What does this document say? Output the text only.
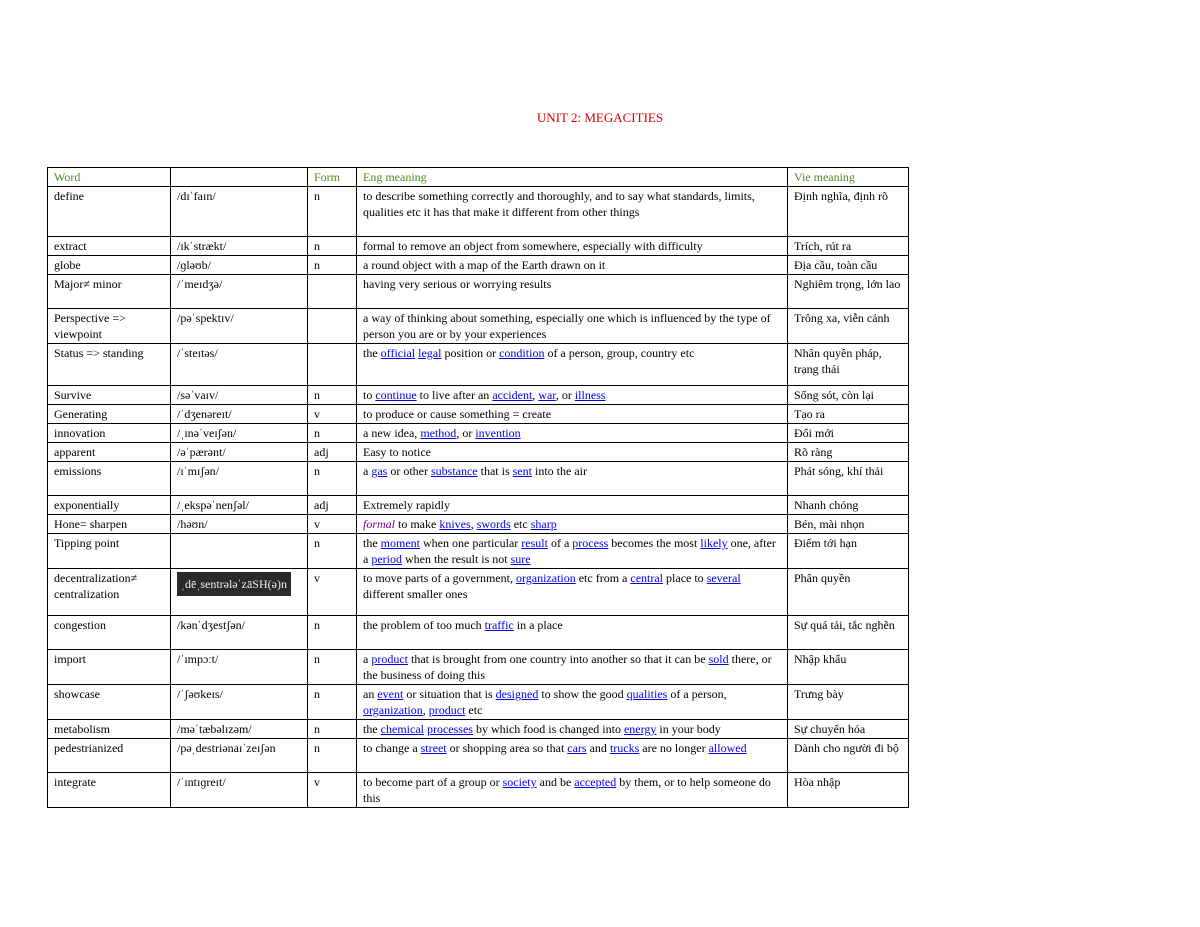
UNIT 2: MEGACITIES
Word		Form	Eng meaning	Vie meaning
define	/dɪˈfaɪn/	n	to describe something correctly and thoroughly, and to say what standards, limits, qualities etc it has that make it different from other things	Định nghĩa, định rõ
extract	/ɪkˈstrækt/	n	formal to remove an object from somewhere, especially with difficulty	Trích, rút ra
globe	/ɡləʊb/	n	a round object with a map of the Earth drawn on it	Địa cầu, toàn cầu
Major≠ minor	/ˈmeɪdʒə/		having very serious or worrying results	Nghiêm trọng, lớn lao
Perspective => viewpoint	/pəˈspektɪv/		a way of thinking about something, especially one which is influenced by the type of person you are or by your experiences	Trông xa, viễn cảnh
Status => standing	/ˈsteɪtəs/		the official legal position or condition of a person, group, country etc	Nhân quyền pháp, trạng thái
Survive	/səˈvaɪv/	n	to continue to live after an accident, war, or illness	Sống sót, còn lại
Generating	/ˈdʒenəreɪt/	v	to produce or cause something = create	Tạo ra
innovation	/ˌɪnəˈveɪʃən/	n	a new idea, method, or invention	Đổi mới
apparent	/əˈpærənt/	adj	Easy to notice	Rõ ràng
emissions	/ɪˈmɪʃən/	n	a gas or other substance that is sent into the air	Phát sóng, khí thải
exponentially	/ˌekspəˈnenʃəl/	adj	Extremely rapidly	Nhanh chóng
Hone= sharpen	/həʊn/	v	formal to make knives, swords etc sharp	Bén, mài nhọn
Tipping point		n	the moment when one particular result of a process becomes the most likely one, after a period when the result is not sure	Điểm tới hạn
decentralization≠ centralization	ˌdēˌsentrələˈzāSH(ə)n	v	to move parts of a government, organization etc from a central place to several different smaller ones	Phân quyền
congestion	/kənˈdʒestʃən/	n	the problem of too much traffic in a place	Sự quá tải, tắc nghẽn
import	/ˈɪmpɔːt/	n	a product that is brought from one country into another so that it can be sold there, or the business of doing this	Nhập khẩu
showcase	/ˈʃəʊkeɪs/	n	an event or situation that is designed to show the good qualities of a person, organization, product etc	Trưng bày
metabolism	/məˈtæbəlɪzəm/	n	the chemical processes by which food is changed into energy in your body	Sự chuyển hóa
pedestrianized	/pəˌdestriənaɪˈzeɪʃən	n	to change a street or shopping area so that cars and trucks are no longer allowed	Dành cho người đi bộ
integrate	/ˈɪntɪɡreɪt/	v	to become part of a group or society and be accepted by them, or to help someone do this	Hòa nhập
